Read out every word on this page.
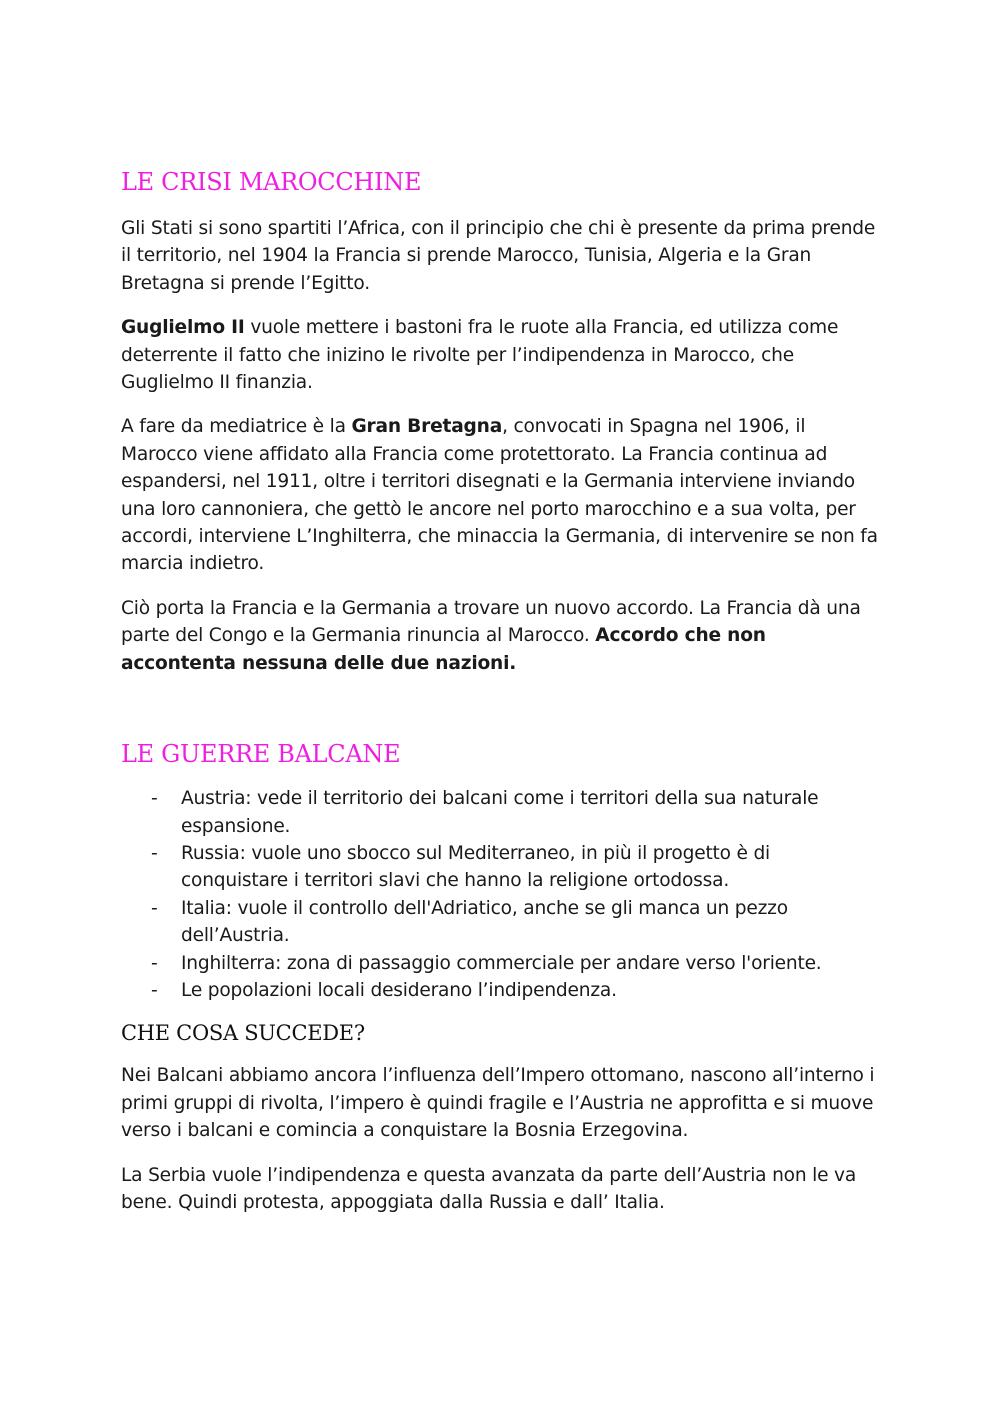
LE CRISI MAROCCHINE

Gli Stati si sono spartiti l’Africa, con il principio che chi è presente da prima prende il territorio, nel 1904 la Francia si prende Marocco, Tunisia, Algeria e la Gran Bretagna si prende l’Egitto.

Guglielmo II vuole mettere i bastoni fra le ruote alla Francia, ed utilizza come deterrente il fatto che inizino le rivolte per l’indipendenza in Marocco, che Guglielmo II finanzia.

A fare da mediatrice è la Gran Bretagna, convocati in Spagna nel 1906, il Marocco viene affidato alla Francia come protettorato. La Francia continua ad espandersi, nel 1911, oltre i territori disegnati e la Germania interviene inviando una loro cannoniera, che gettò le ancore nel porto marocchino e a sua volta, per accordi, interviene L’Inghilterra, che minaccia la Germania, di intervenire se non fa marcia indietro.

Ciò porta la Francia e la Germania a trovare un nuovo accordo. La Francia dà una parte del Congo e la Germania rinuncia al Marocco. Accordo che non accontenta nessuna delle due nazioni.

LE GUERRE BALCANE
- Austria: vede il territorio dei balcani come i territori della sua naturale espansione.
- Russia: vuole uno sbocco sul Mediterraneo, in più il progetto è di conquistare i territori slavi che hanno la religione ortodossa.
- Italia: vuole il controllo dell'Adriatico, anche se gli manca un pezzo dell’Austria.
- Inghilterra: zona di passaggio commerciale per andare verso l'oriente.
- Le popolazioni locali desiderano l’indipendenza.
CHE COSA SUCCEDE?

Nei Balcani abbiamo ancora l’influenza dell’Impero ottomano, nascono all’interno i primi gruppi di rivolta, l’impero è quindi fragile e l’Austria ne approfitta e si muove verso i balcani e comincia a conquistare la Bosnia Erzegovina.

La Serbia vuole l’indipendenza e questa avanzata da parte dell’Austria non le va bene. Quindi protesta, appoggiata dalla Russia e dall’ Italia.
